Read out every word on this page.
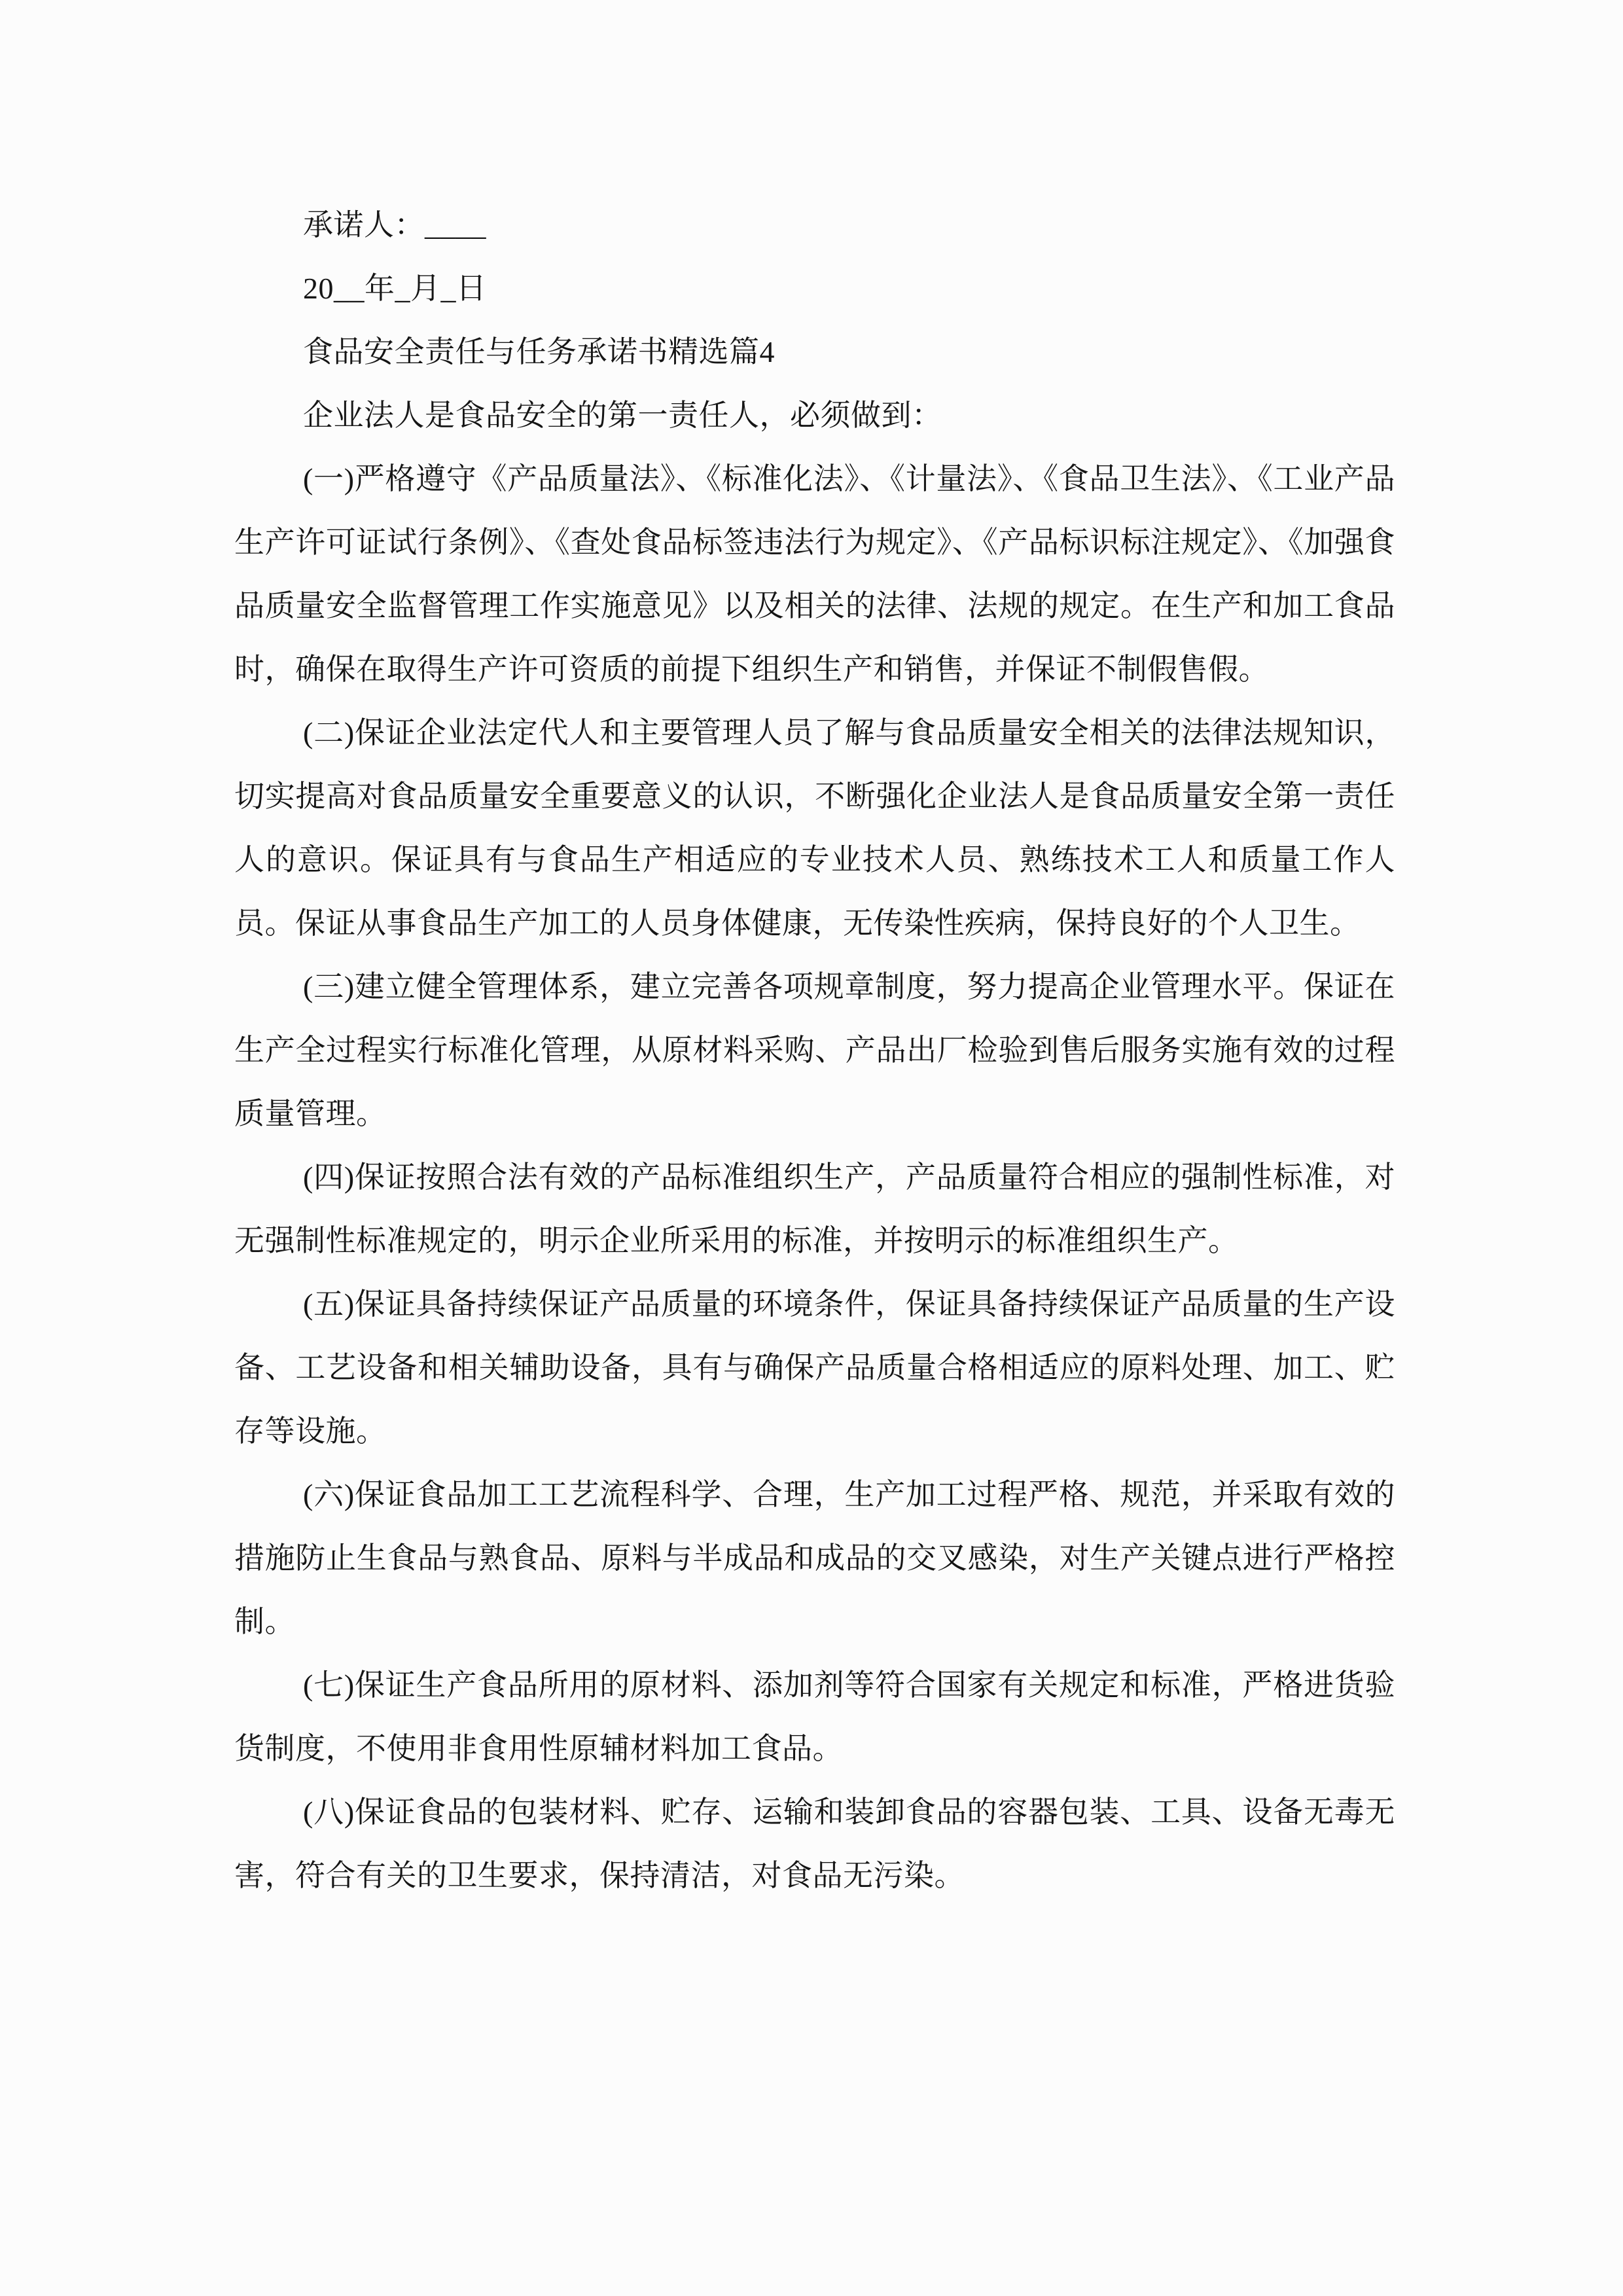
承诺人：____

20__年_月_日

食品安全责任与任务承诺书精选篇4

企业法人是食品安全的第一责任人，必须做到：

(一)严格遵守《产品质量法》、《标准化法》、《计量法》、《食品卫生法》、《工业产品生产许可证试行条例》、《查处食品标签违法行为规定》、《产品标识标注规定》、《加强食品质量安全监督管理工作实施意见》以及相关的法律、法规的规定。在生产和加工食品时，确保在取得生产许可资质的前提下组织生产和销售，并保证不制假售假。

(二)保证企业法定代人和主要管理人员了解与食品质量安全相关的法律法规知识，切实提高对食品质量安全重要意义的认识，不断强化企业法人是食品质量安全第一责任人的意识。保证具有与食品生产相适应的专业技术人员、熟练技术工人和质量工作人员。保证从事食品生产加工的人员身体健康，无传染性疾病，保持良好的个人卫生。

(三)建立健全管理体系，建立完善各项规章制度，努力提高企业管理水平。保证在生产全过程实行标准化管理，从原材料采购、产品出厂检验到售后服务实施有效的过程质量管理。

(四)保证按照合法有效的产品标准组织生产，产品质量符合相应的强制性标准，对无强制性标准规定的，明示企业所采用的标准，并按明示的标准组织生产。

(五)保证具备持续保证产品质量的环境条件，保证具备持续保证产品质量的生产设备、工艺设备和相关辅助设备，具有与确保产品质量合格相适应的原料处理、加工、贮存等设施。

(六)保证食品加工工艺流程科学、合理，生产加工过程严格、规范，并采取有效的措施防止生食品与熟食品、原料与半成品和成品的交叉感染，对生产关键点进行严格控制。

(七)保证生产食品所用的原材料、添加剂等符合国家有关规定和标准，严格进货验货制度，不使用非食用性原辅材料加工食品。

(八)保证食品的包装材料、贮存、运输和装卸食品的容器包装、工具、设备无毒无害，符合有关的卫生要求，保持清洁，对食品无污染。
